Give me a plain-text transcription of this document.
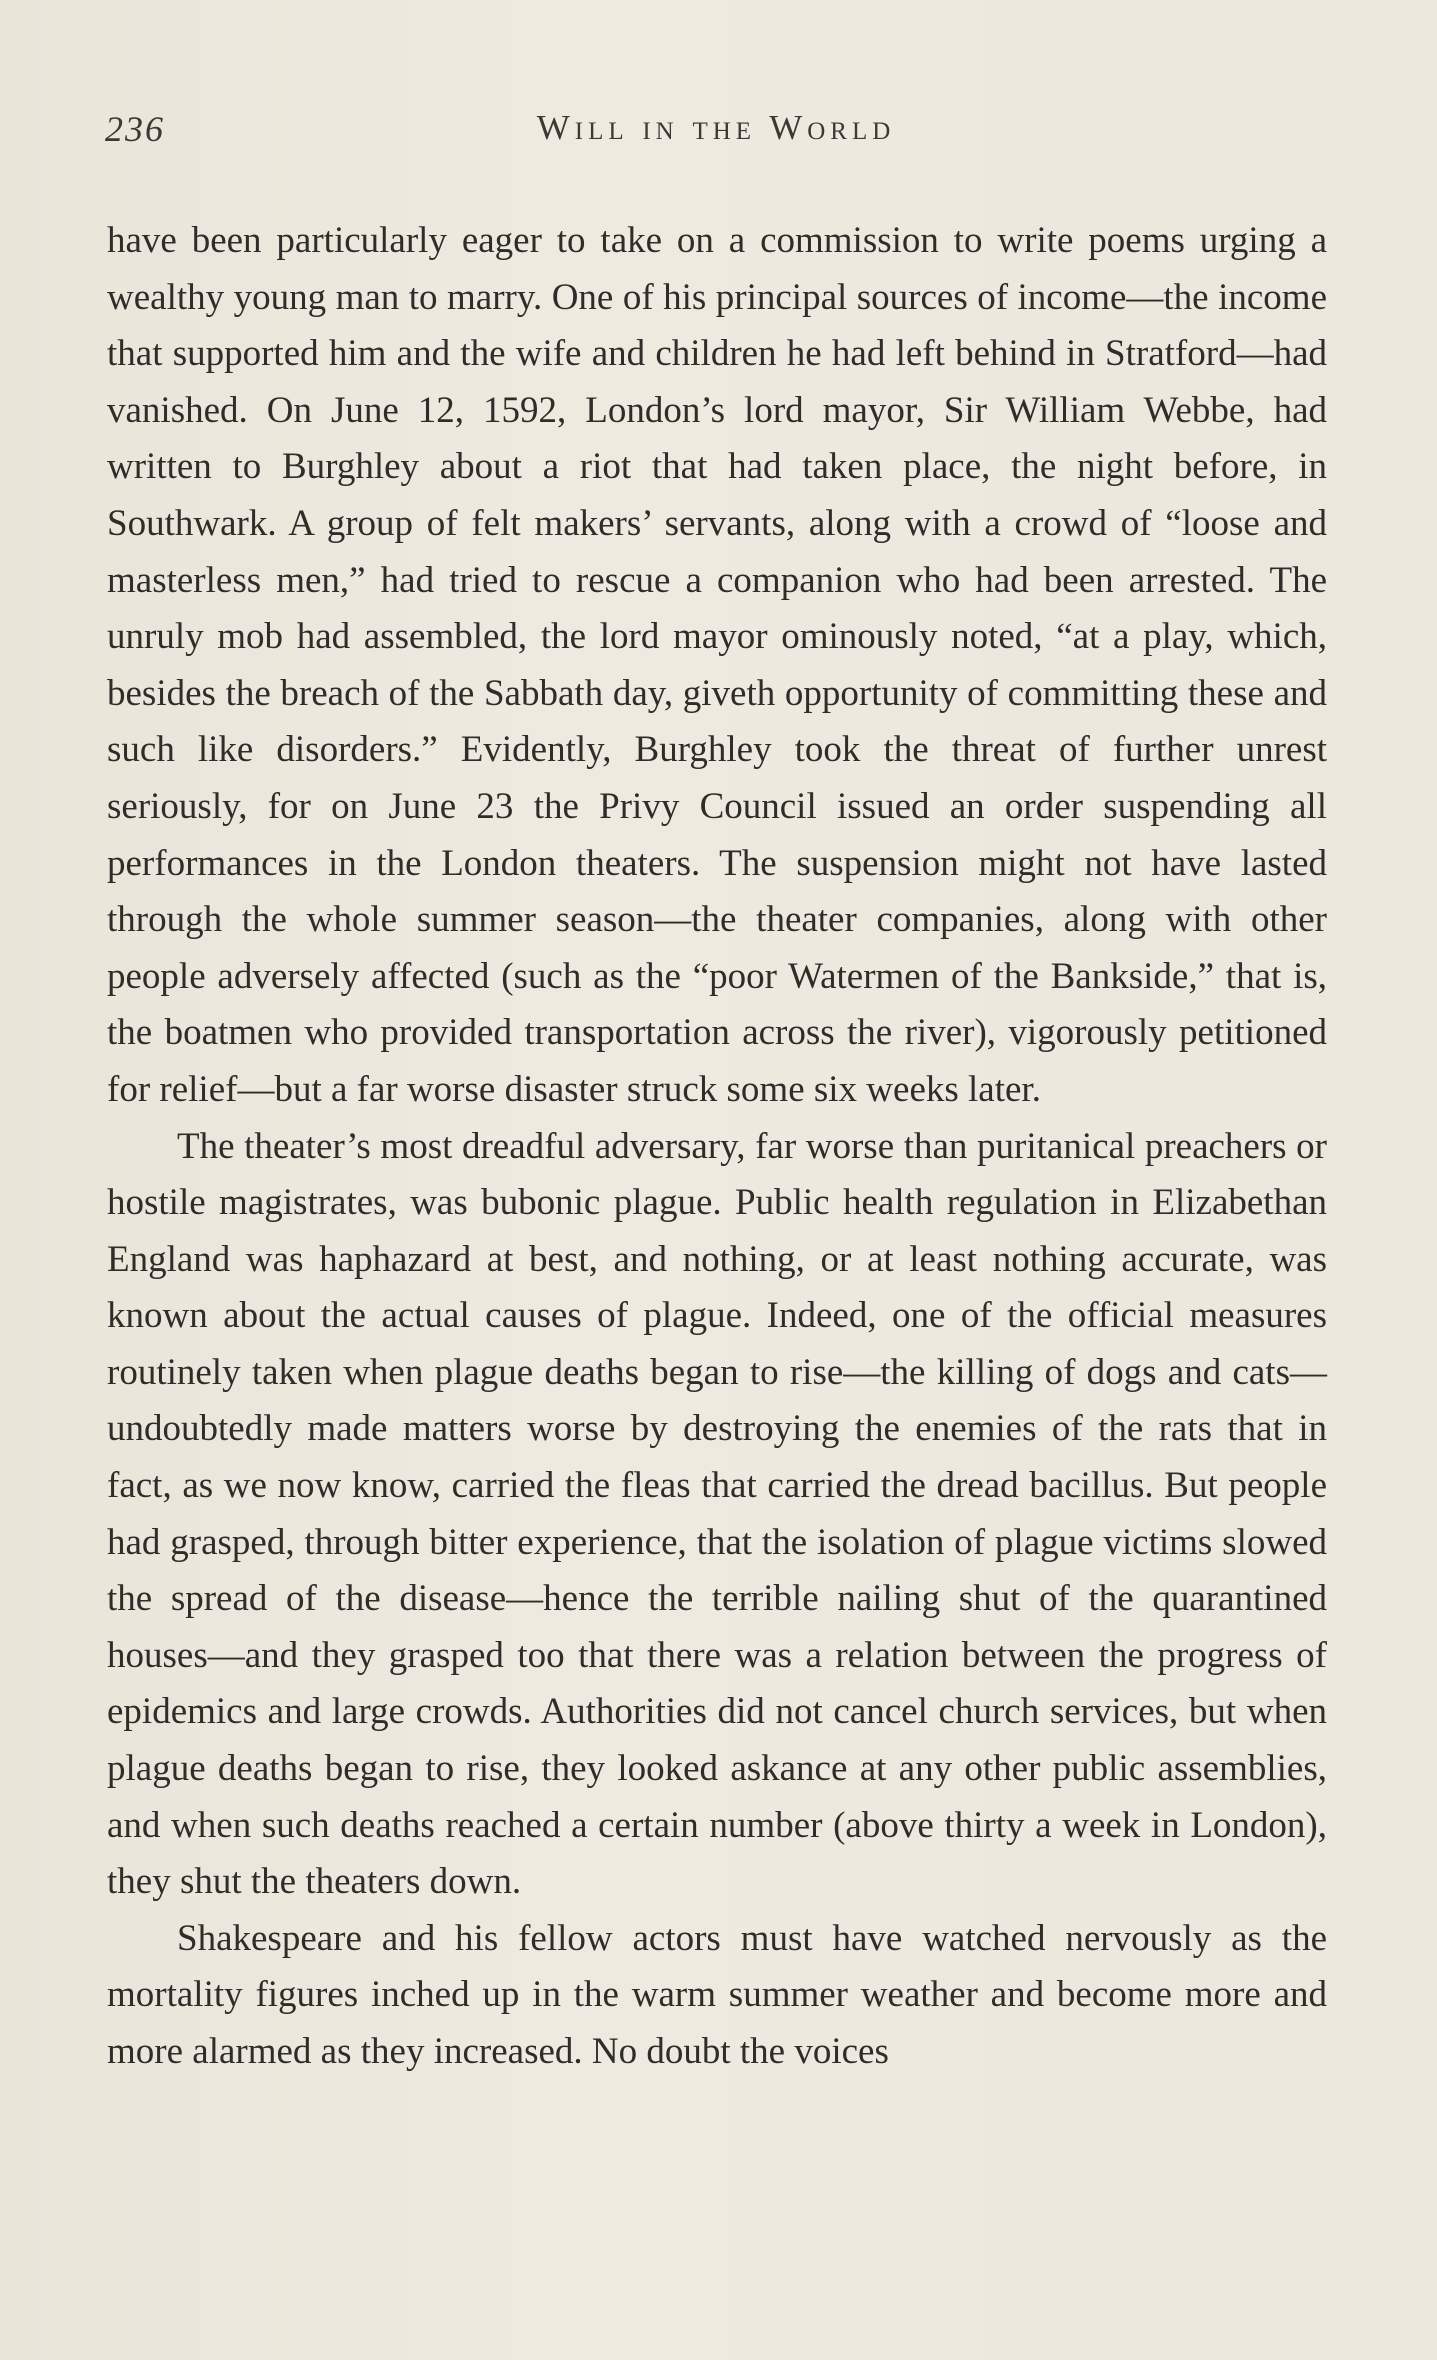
236	Will in the World

have been particularly eager to take on a commission to write poems urging a wealthy young man to marry. One of his principal sources of income—the income that supported him and the wife and children he had left behind in Stratford—had vanished. On June 12, 1592, London’s lord mayor, Sir William Webbe, had written to Burghley about a riot that had taken place, the night before, in Southwark. A group of felt makers’ servants, along with a crowd of “loose and masterless men,” had tried to rescue a companion who had been arrested. The unruly mob had assembled, the lord mayor ominously noted, “at a play, which, besides the breach of the Sabbath day, giveth opportunity of committing these and such like disorders.” Evidently, Burghley took the threat of further unrest seriously, for on June 23 the Privy Council issued an order suspending all performances in the London theaters. The suspension might not have lasted through the whole summer season—the theater companies, along with other people adversely affected (such as the “poor Watermen of the Bankside,” that is, the boatmen who provided transportation across the river), vigorously petitioned for relief—but a far worse disaster struck some six weeks later.

The theater’s most dreadful adversary, far worse than puritanical preachers or hostile magistrates, was bubonic plague. Public health regulation in Elizabethan England was haphazard at best, and nothing, or at least nothing accurate, was known about the actual causes of plague. Indeed, one of the official measures routinely taken when plague deaths began to rise—the killing of dogs and cats—undoubtedly made matters worse by destroying the enemies of the rats that in fact, as we now know, carried the fleas that carried the dread bacillus. But people had grasped, through bitter experience, that the isolation of plague victims slowed the spread of the disease—hence the terrible nailing shut of the quarantined houses—and they grasped too that there was a relation between the progress of epidemics and large crowds. Authorities did not cancel church services, but when plague deaths began to rise, they looked askance at any other public assemblies, and when such deaths reached a certain number (above thirty a week in London), they shut the theaters down.

Shakespeare and his fellow actors must have watched nervously as the mortality figures inched up in the warm summer weather and become more and more alarmed as they increased. No doubt the voices
